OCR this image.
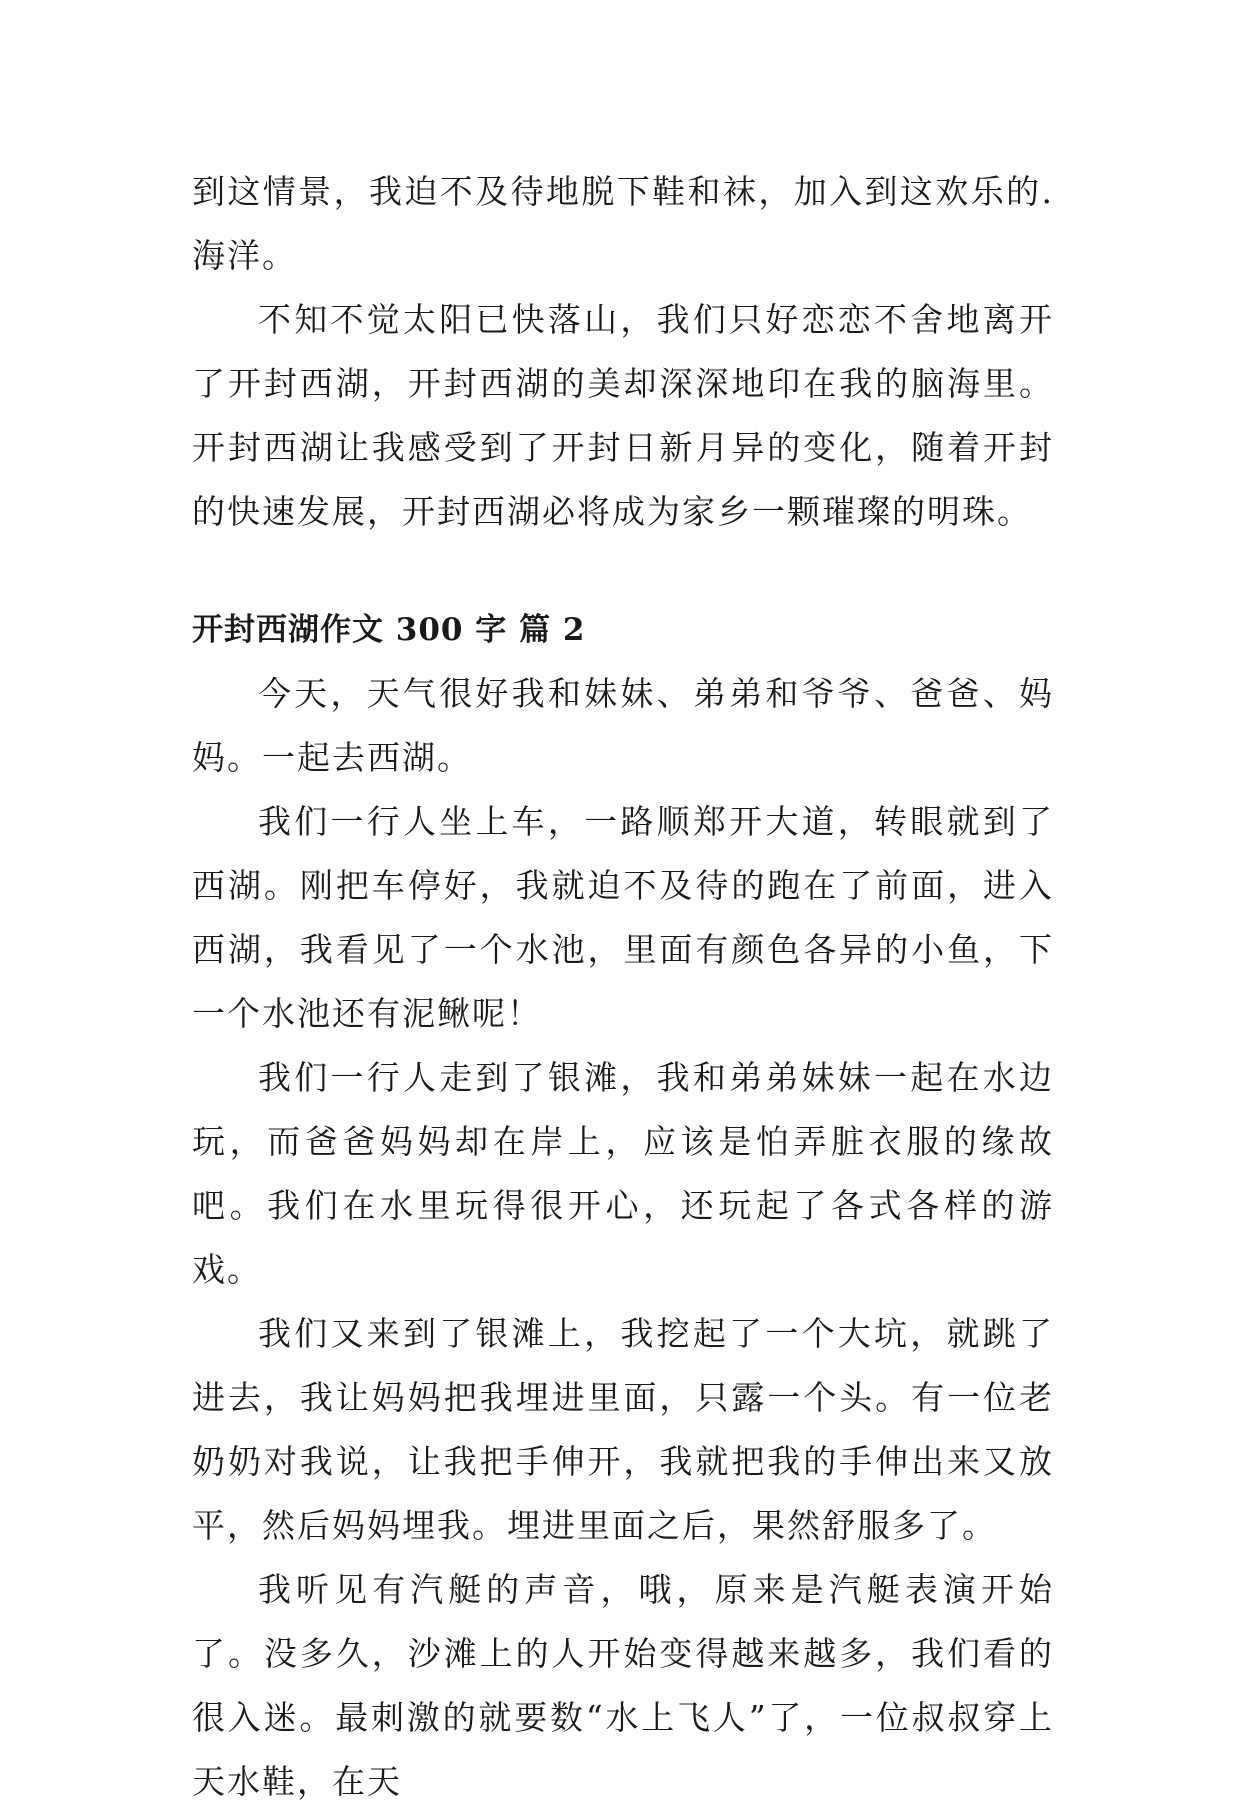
到这情景，我迫不及待地脱下鞋和袜，加入到这欢乐的.海洋。

不知不觉太阳已快落山，我们只好恋恋不舍地离开了开封西湖，开封西湖的美却深深地印在我的脑海里。开封西湖让我感受到了开封日新月异的变化，随着开封的快速发展，开封西湖必将成为家乡一颗璀璨的明珠。

开封西湖作文 300 字 篇 2

今天，天气很好我和妹妹、弟弟和爷爷、爸爸、妈妈。一起去西湖。

我们一行人坐上车，一路顺郑开大道，转眼就到了西湖。刚把车停好，我就迫不及待的跑在了前面，进入西湖，我看见了一个水池，里面有颜色各异的小鱼，下一个水池还有泥鳅呢！

我们一行人走到了银滩，我和弟弟妹妹一起在水边玩，而爸爸妈妈却在岸上，应该是怕弄脏衣服的缘故吧。我们在水里玩得很开心，还玩起了各式各样的游戏。

我们又来到了银滩上，我挖起了一个大坑，就跳了进去，我让妈妈把我埋进里面，只露一个头。有一位老奶奶对我说，让我把手伸开，我就把我的手伸出来又放平，然后妈妈埋我。埋进里面之后，果然舒服多了。

我听见有汽艇的声音，哦，原来是汽艇表演开始了。没多久，沙滩上的人开始变得越来越多，我们看的很入迷。最刺激的就要数“水上飞人”了，一位叔叔穿上天水鞋，在天
